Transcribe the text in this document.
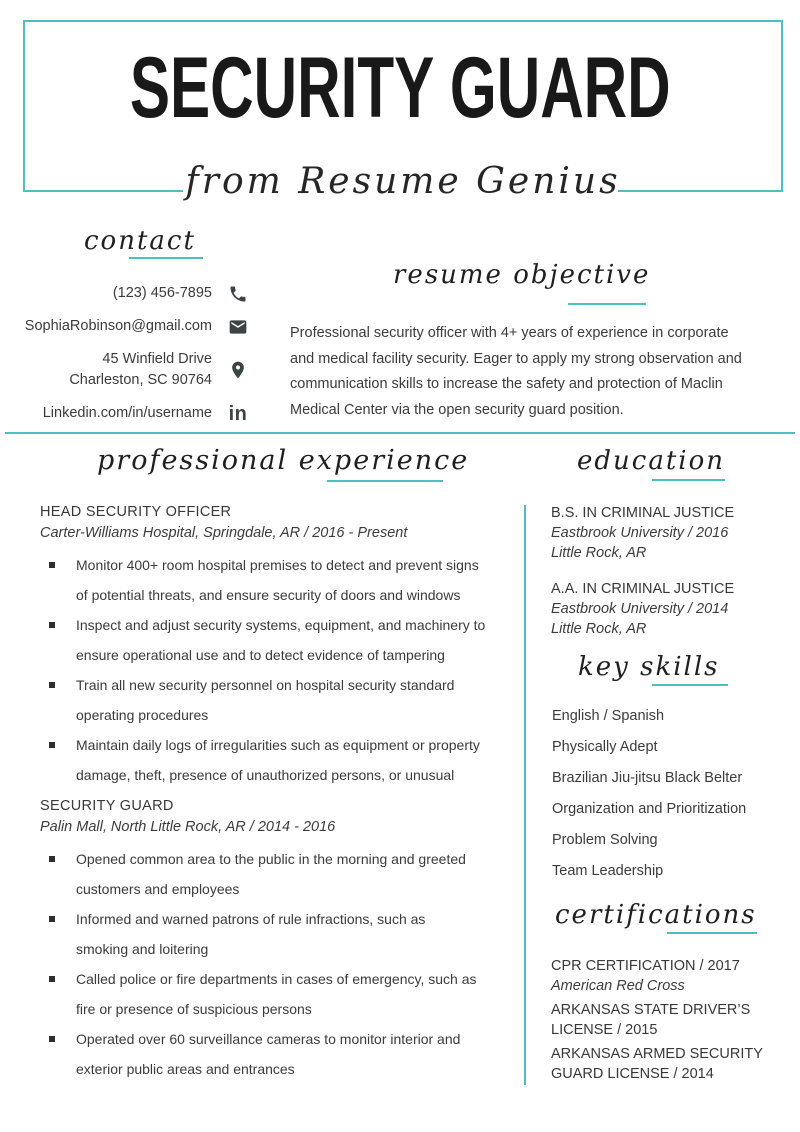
SECURITY GUARD
from Resume Genius
contact
(123) 456-7895
SophiaRobinson@gmail.com
45 Winfield Drive
Charleston, SC 90764
Linkedin.com/in/username in
resume objective
Professional security officer with 4+ years of experience in corporate
and medical facility security. Eager to apply my strong observation and
communication skills to increase the safety and protection of Maclin
Medical Center via the open security guard position.
professional experience
HEAD SECURITY OFFICER
Carter-Williams Hospital, Springdale, AR / 2016 - Present
Monitor 400+ room hospital premises to detect and prevent signs
of potential threats, and ensure security of doors and windows
Inspect and adjust security systems, equipment, and machinery to
ensure operational use and to detect evidence of tampering
Train all new security personnel on hospital security standard
operating procedures
Maintain daily logs of irregularities such as equipment or property
damage, theft, presence of unauthorized persons, or unusual
SECURITY GUARD
Palin Mall, North Little Rock, AR / 2014 - 2016
Opened common area to the public in the morning and greeted
customers and employees
Informed and warned patrons of rule infractions, such as
smoking and loitering
Called police or fire departments in cases of emergency, such as
fire or presence of suspicious persons
Operated over 60 surveillance cameras to monitor interior and
exterior public areas and entrances
education
B.S. IN CRIMINAL JUSTICE
Eastbrook University / 2016
Little Rock, AR
A.A. IN CRIMINAL JUSTICE
Eastbrook University / 2014
Little Rock, AR
key skills
English / Spanish
Physically Adept
Brazilian Jiu-jitsu Black Belter
Organization and Prioritization
Problem Solving
Team Leadership
certifications
CPR CERTIFICATION / 2017
American Red Cross
ARKANSAS STATE DRIVER’S
LICENSE / 2015
ARKANSAS ARMED SECURITY
GUARD LICENSE / 2014
